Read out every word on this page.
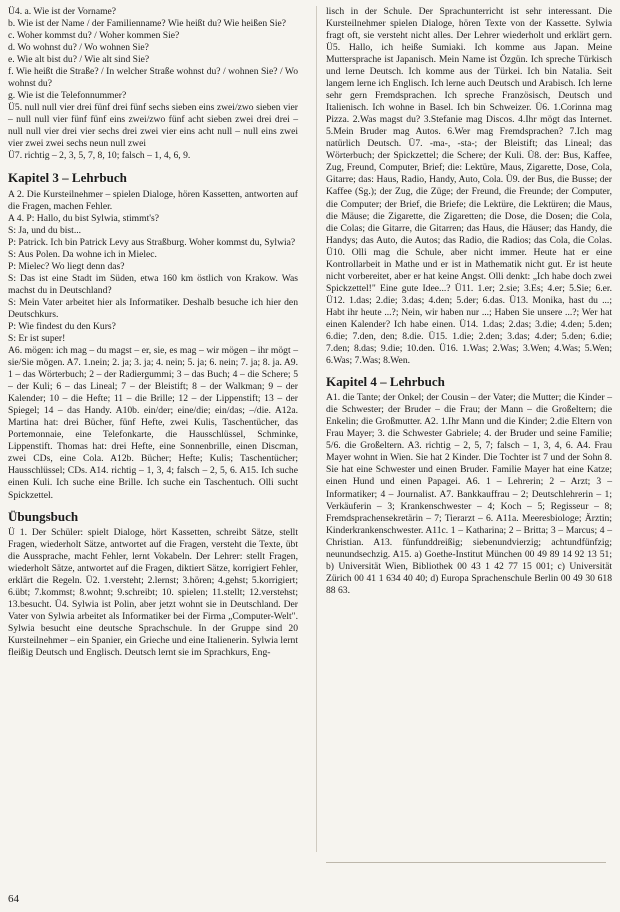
Ü4. a. Wie ist der Vorname?

b. Wie ist der Name / der Familienname? Wie heißt du? Wie heißen Sie?

c. Woher kommst du? / Woher kommen Sie?

d. Wo wohnst du? / Wo wohnen Sie?

e. Wie alt bist du? / Wie alt sind Sie?

f. Wie heißt die Straße? / In welcher Straße wohnst du? / wohnen Sie? / Wo wohnst du?

g. Wie ist die Telefonnummer?

Ü5. null null vier drei fünf drei fünf sechs sieben eins zwei/zwo sieben vier – null null vier fünf fünf eins zwei/zwo fünf acht sieben zwei drei drei – null null vier drei vier sechs drei zwei vier eins acht null – null eins zwei vier zwei zwei sechs neun null zwei

Ü7. richtig – 2, 3, 5, 7, 8, 10; falsch – 1, 4, 6, 9.

Kapitel 3 – Lehrbuch

A 2. Die Kursteilnehmer – spielen Dialoge, hören Kassetten, antworten auf die Fragen, machen Fehler.

A 4. P: Hallo, du bist Sylwia, stimmt's?

S: Ja, und du bist...

P: Patrick. Ich bin Patrick Levy aus Straßburg. Woher kommst du, Sylwia?

S: Aus Polen. Da wohne ich in Mielec.

P: Mielec? Wo liegt denn das?

S: Das ist eine Stadt im Süden, etwa 160 km östlich von Krakow. Was machst du in Deutschland?

S: Mein Vater arbeitet hier als Informatiker. Deshalb besuche ich hier den Deutschkurs.

P: Wie findest du den Kurs?

S: Er ist super!

A6. mögen: ich mag – du magst – er, sie, es mag – wir mögen – ihr mögt – sie/Sie mögen. A7. 1.nein; 2. ja; 3. ja; 4. nein; 5. ja; 6. nein; 7. ja; 8. ja. A9. 1 – das Wörterbuch; 2 – der Radiergummi; 3 – das Buch; 4 – die Schere; 5 – der Kuli; 6 – das Lineal; 7 – der Bleistift; 8 – der Walkman; 9 – der Kalender; 10 – die Hefte; 11 – die Brille; 12 – der Lippenstift; 13 – der Spiegel; 14 – das Handy. A10b. ein/der; eine/die; ein/das; –/die. A12a. Martina hat: drei Bücher, fünf Hefte, zwei Kulis, Taschentücher, das Portemonnaie, eine Telefonkarte, die Hausschlüssel, Schminke, Lippenstift. Thomas hat: drei Hefte, eine Sonnenbrille, einen Discman, zwei CDs, eine Cola. A12b. Bücher; Hefte; Kulis; Taschentücher; Hausschlüssel; CDs. A14. richtig – 1, 3, 4; falsch – 2, 5, 6. A15. Ich suche einen Kuli. Ich suche eine Brille. Ich suche ein Taschentuch. Olli sucht Spickzettel.

Übungsbuch

Ü 1. Der Schüler: spielt Dialoge, hört Kassetten, schreibt Sätze, stellt Fragen, wiederholt Sätze, antwortet auf die Fragen, versteht die Texte, übt die Aussprache, macht Fehler, lernt Vokabeln. Der Lehrer: stellt Fragen, wiederholt Sätze, antwortet auf die Fragen, diktiert Sätze, korrigiert Fehler, erklärt die Regeln. Ü2. 1.versteht; 2.lernst; 3.hören; 4.gehst; 5.korrigiert; 6.übt; 7.kommst; 8.wohnt; 9.schreibt; 10. spielen; 11.stellt; 12.verstehst; 13.besucht. Ü4. Sylwia ist Polin, aber jetzt wohnt sie in Deutschland. Der Vater von Sylwia arbeitet als Informatiker bei der Firma „Computer-Welt". Sylwia besucht eine deutsche Sprachschule. In der Gruppe sind 20 Kursteilnehmer – ein Spanier, ein Grieche und eine Italienerin. Sylwia lernt fleißig Deutsch und Englisch. Deutsch lernt sie im Sprachkurs, Eng-

lisch in der Schule. Der Sprachunterricht ist sehr interessant. Die Kursteilnehmer spielen Dialoge, hören Texte von der Kassette. Sylwia fragt oft, sie versteht nicht alles. Der Lehrer wiederholt und erklärt gern. Ü5. Hallo, ich heiße Sumiaki. Ich komme aus Japan. Meine Muttersprache ist Japanisch. Mein Name ist Özgün. Ich spreche Türkisch und lerne Deutsch. Ich komme aus der Türkei. Ich bin Natalia. Seit langem lerne ich Englisch. Ich lerne auch Deutsch und Arabisch. Ich lerne sehr gern Fremdsprachen. Ich spreche Französisch, Deutsch und Italienisch. Ich wohne in Basel. Ich bin Schweizer. Ü6. 1.Corinna mag Pizza. 2.Was magst du? 3.Stefanie mag Discos. 4.Ihr mögt das Internet. 5.Mein Bruder mag Autos. 6.Wer mag Fremdsprachen? 7.Ich mag natürlich Deutsch. Ü7. -ma-, -sta-; der Bleistift; das Lineal; das Wörterbuch; der Spickzettel; die Schere; der Kuli. Ü8. der: Bus, Kaffee, Zug, Freund, Computer, Brief; die: Lektüre, Maus, Zigarette, Dose, Cola, Gitarre; das: Haus, Radio, Handy, Auto, Cola. Ü9. der Bus, die Busse; der Kaffee (Sg.); der Zug, die Züge; der Freund, die Freunde; der Computer, die Computer; der Brief, die Briefe; die Lektüre, die Lektüren; die Maus, die Mäuse; die Zigarette, die Zigaretten; die Dose, die Dosen; die Cola, die Colas; die Gitarre, die Gitarren; das Haus, die Häuser; das Handy, die Handys; das Auto, die Autos; das Radio, die Radios; das Cola, die Colas. Ü10. Olli mag die Schule, aber nicht immer. Heute hat er eine Kontrollarbeit in Mathe und er ist in Mathematik nicht gut. Er ist heute nicht vorbereitet, aber er hat keine Angst. Olli denkt: „Ich habe doch zwei Spickzettel!" Eine gute Idee...? Ü11. 1.er; 2.sie; 3.Es; 4.er; 5.Sie; 6.er. Ü12. 1.das; 2.die; 3.das; 4.den; 5.der; 6.das. Ü13. Monika, hast du ...; Habt ihr heute ...?; Nein, wir haben nur ...; Haben Sie unsere ...?; Wer hat einen Kalender? Ich habe einen. Ü14. 1.das; 2.das; 3.die; 4.den; 5.den; 6.die; 7.den, den; 8.die. Ü15. 1.die; 2.den; 3.das; 4.der; 5.den; 6.die; 7.den; 8.das; 9.die; 10.den. Ü16. 1.Was; 2.Was; 3.Wen; 4.Was; 5.Wen; 6.Was; 7.Was; 8.Wen.

Kapitel 4 – Lehrbuch

A1. die Tante; der Onkel; der Cousin – der Vater; die Mutter; die Kinder – die Schwester; der Bruder – die Frau; der Mann – die Großeltern; die Enkelin; die Großmutter. A2. 1.Ihr Mann und die Kinder; 2.die Eltern von Frau Mayer; 3. die Schwester Gabriele; 4. der Bruder und seine Familie; 5/6. die Großeltern. A3. richtig – 2, 5, 7; falsch – 1, 3, 4, 6. A4. Frau Mayer wohnt in Wien. Sie hat 2 Kinder. Die Tochter ist 7 und der Sohn 8. Sie hat eine Schwester und einen Bruder. Familie Mayer hat eine Katze; einen Hund und einen Papagei. A6. 1 – Lehrerin; 2 – Arzt; 3 – Informatiker; 4 – Journalist. A7. Bankkauffrau – 2; Deutschlehrerin – 1; Verkäuferin – 3; Krankenschwester – 4; Koch – 5; Regisseur – 8; Fremdsprachensekretärin – 7; Tierarzt – 6. A11a. Meeresbiologe; Ärztin; Kinderkrankenschwester. A11c. 1 – Katharina; 2 – Britta; 3 – Marcus; 4 – Christian. A13. fünfunddreißig; siebenundvierzig; achtundfünfzig; neunundsechzig. A15. a) Goethe-Institut München 00 49 89 14 92 13 51; b) Universität Wien, Bibliothek 00 43 1 42 77 15 001; c) Universität Zürich 00 41 1 634 40 40; d) Europa Sprachenschule Berlin 00 49 30 618 88 63.

64
